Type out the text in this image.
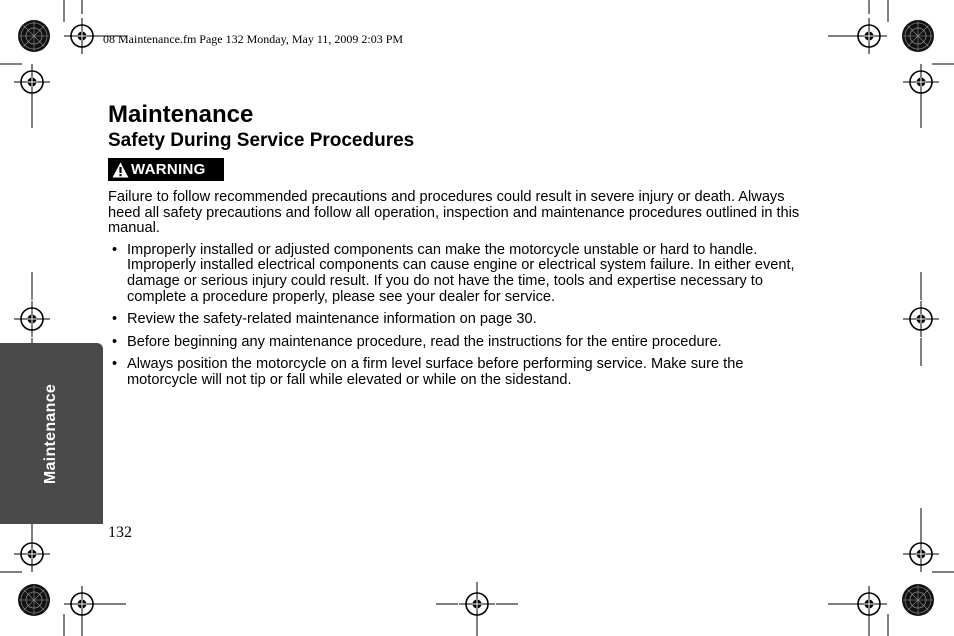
08 Maintenance.fm Page 132 Monday, May 11, 2009 2:03 PM
Maintenance
Safety During Service Procedures
WARNING

Failure to follow recommended precautions and procedures could result in severe injury or death. Always heed all safety precautions and follow all operation, inspection and maintenance procedures outlined in this manual.

• Improperly installed or adjusted components can make the motorcycle unstable or hard to handle. Improperly installed electrical components can cause engine or electrical system failure. In either event, damage or serious injury could result. If you do not have the time, tools and expertise necessary to complete a procedure properly, please see your dealer for service.
• Review the safety-related maintenance information on page 30.
• Before beginning any maintenance procedure, read the instructions for the entire procedure.
• Always position the motorcycle on a firm level surface before performing service. Make sure the motorcycle will not tip or fall while elevated or while on the sidestand.
Maintenance
132
